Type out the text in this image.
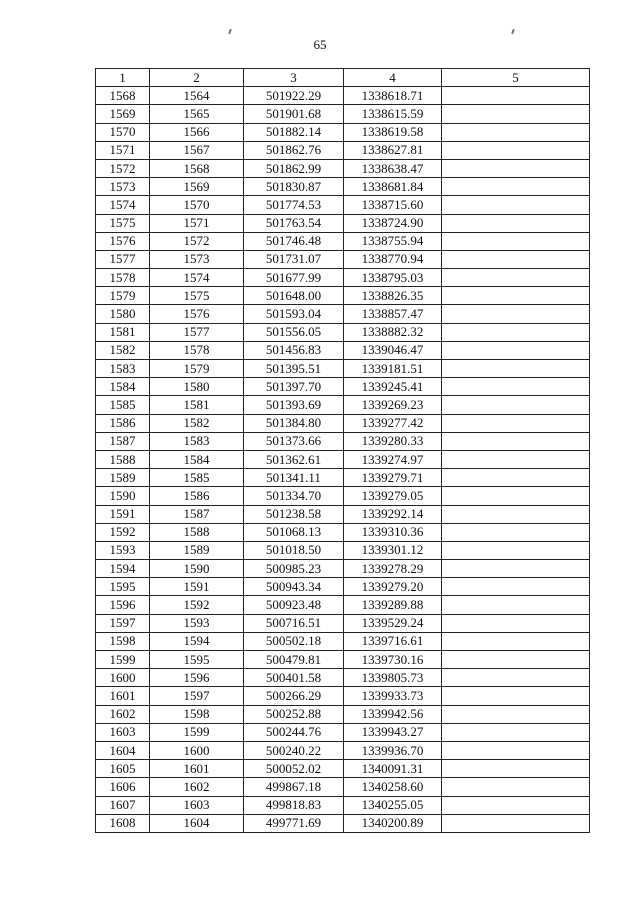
65
1	2	3	4	5
1568	1564	501922.29	1338618.71	
1569	1565	501901.68	1338615.59	
1570	1566	501882.14	1338619.58	
1571	1567	501862.76	1338627.81	
1572	1568	501862.99	1338638.47	
1573	1569	501830.87	1338681.84	
1574	1570	501774.53	1338715.60	
1575	1571	501763.54	1338724.90	
1576	1572	501746.48	1338755.94	
1577	1573	501731.07	1338770.94	
1578	1574	501677.99	1338795.03	
1579	1575	501648.00	1338826.35	
1580	1576	501593.04	1338857.47	
1581	1577	501556.05	1338882.32	
1582	1578	501456.83	1339046.47	
1583	1579	501395.51	1339181.51	
1584	1580	501397.70	1339245.41	
1585	1581	501393.69	1339269.23	
1586	1582	501384.80	1339277.42	
1587	1583	501373.66	1339280.33	
1588	1584	501362.61	1339274.97	
1589	1585	501341.11	1339279.71	
1590	1586	501334.70	1339279.05	
1591	1587	501238.58	1339292.14	
1592	1588	501068.13	1339310.36	
1593	1589	501018.50	1339301.12	
1594	1590	500985.23	1339278.29	
1595	1591	500943.34	1339279.20	
1596	1592	500923.48	1339289.88	
1597	1593	500716.51	1339529.24	
1598	1594	500502.18	1339716.61	
1599	1595	500479.81	1339730.16	
1600	1596	500401.58	1339805.73	
1601	1597	500266.29	1339933.73	
1602	1598	500252.88	1339942.56	
1603	1599	500244.76	1339943.27	
1604	1600	500240.22	1339936.70	
1605	1601	500052.02	1340091.31	
1606	1602	499867.18	1340258.60	
1607	1603	499818.83	1340255.05	
1608	1604	499771.69	1340200.89	
